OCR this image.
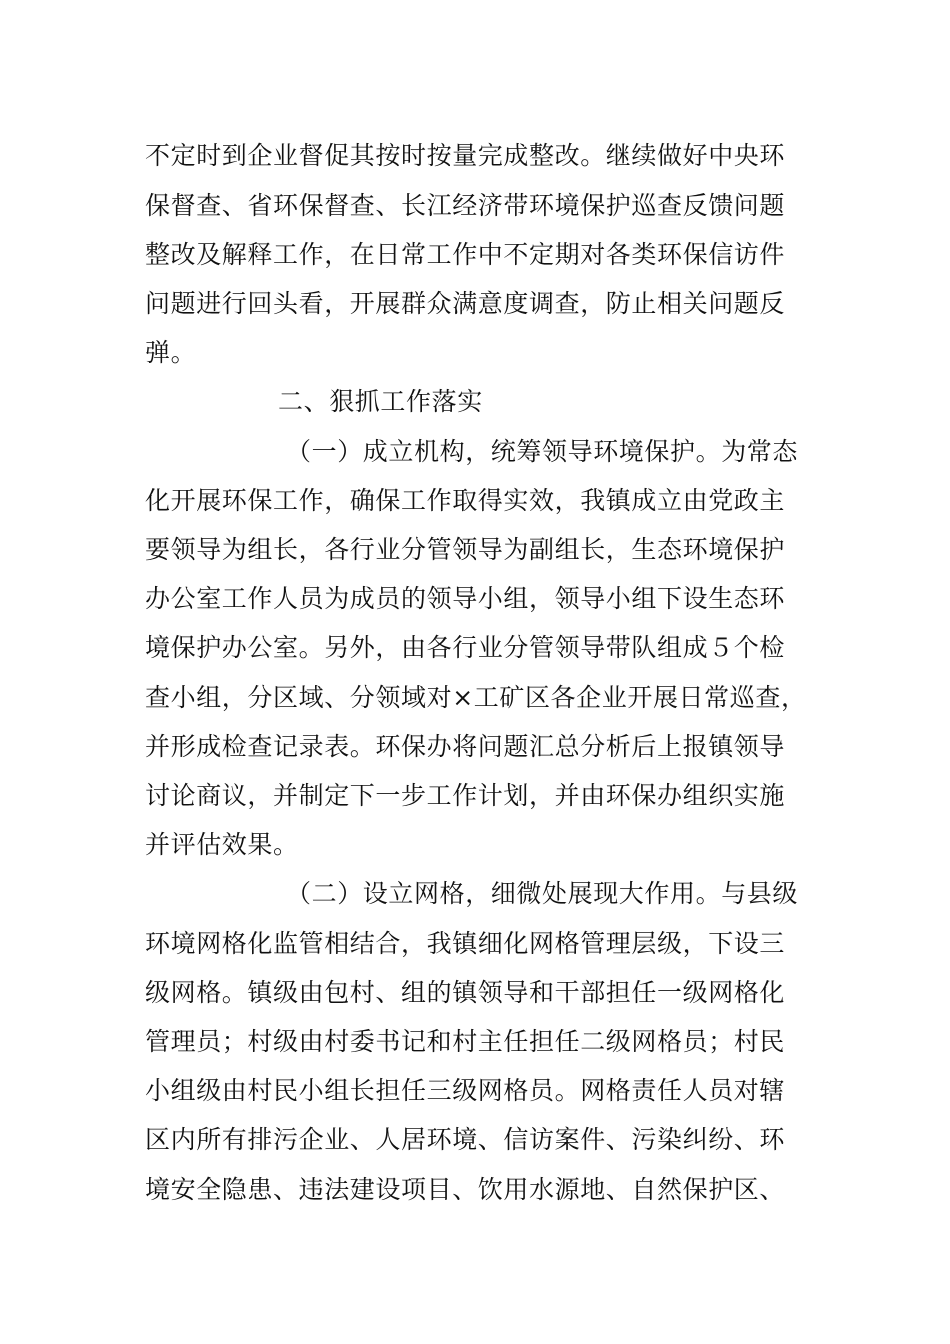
不定时到企业督促其按时按量完成整改。继续做好中央环
保督查、省环保督查、长江经济带环境保护巡查反馈问题
整改及解释工作，在日常工作中不定期对各类环保信访件
问题进行回头看，开展群众满意度调查，防止相关问题反
弹。
二、狠抓工作落实
（一）成立机构，统筹领导环境保护。为常态
化开展环保工作，确保工作取得实效，我镇成立由党政主
要领导为组长，各行业分管领导为副组长，生态环境保护
办公室工作人员为成员的领导小组，领导小组下设生态环
境保护办公室。另外，由各行业分管领导带队组成５个检
查小组，分区域、分领域对×工矿区各企业开展日常巡查，
并形成检查记录表。环保办将问题汇总分析后上报镇领导
讨论商议，并制定下一步工作计划，并由环保办组织实施
并评估效果。
（二）设立网格，细微处展现大作用。与县级
环境网格化监管相结合，我镇细化网格管理层级，下设三
级网格。镇级由包村、组的镇领导和干部担任一级网格化
管理员；村级由村委书记和村主任担任二级网格员；村民
小组级由村民小组长担任三级网格员。网格责任人员对辖
区内所有排污企业、人居环境、信访案件、污染纠纷、环
境安全隐患、违法建设项目、饮用水源地、自然保护区、
